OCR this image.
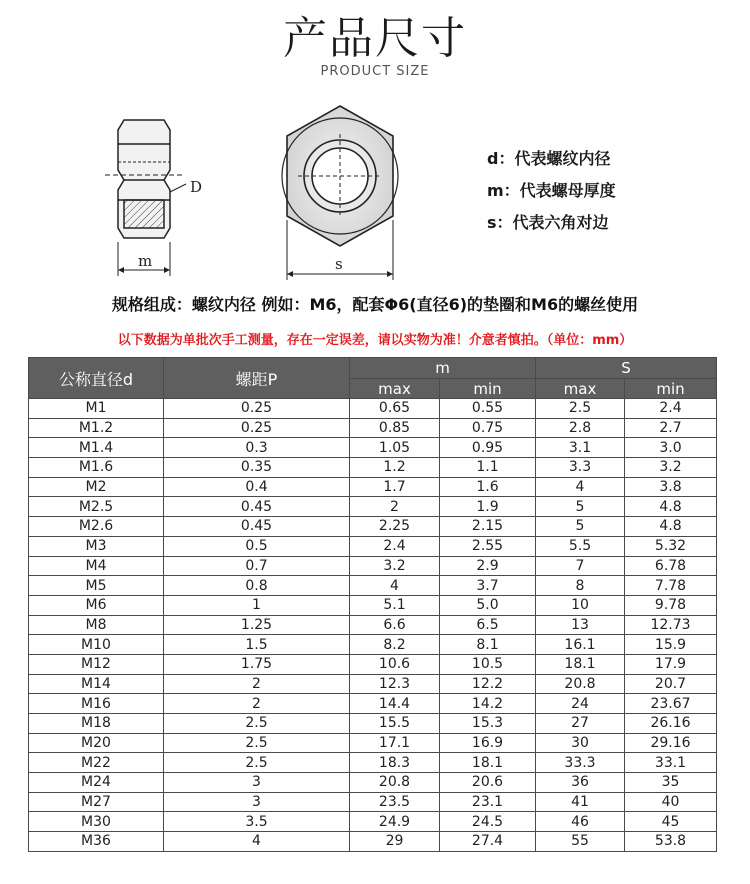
产品尺寸
PRODUCT SIZE
D
m	s
d：代表螺纹内径
m：代表螺母厚度
s：代表六角对边
规格组成：螺纹内径 例如：M6，配套Φ6(直径6)的垫圈和M6的螺丝使用
以下数据为单批次手工测量，存在一定误差，请以实物为准！介意者慎拍。（单位：mm）
公称直径d	螺距P	m		S	
		max	min	max	min
M1	0.25	0.65	0.55	2.5	2.4
M1.2	0.25	0.85	0.75	2.8	2.7
M1.4	0.3	1.05	0.95	3.1	3.0
M1.6	0.35	1.2	1.1	3.3	3.2
M2	0.4	1.7	1.6	4	3.8
M2.5	0.45	2	1.9	5	4.8
M2.6	0.45	2.25	2.15	5	4.8
M3	0.5	2.4	2.55	5.5	5.32
M4	0.7	3.2	2.9	7	6.78
M5	0.8	4	3.7	8	7.78
M6	1	5.1	5.0	10	9.78
M8	1.25	6.6	6.5	13	12.73
M10	1.5	8.2	8.1	16.1	15.9
M12	1.75	10.6	10.5	18.1	17.9
M14	2	12.3	12.2	20.8	20.7
M16	2	14.4	14.2	24	23.67
M18	2.5	15.5	15.3	27	26.16
M20	2.5	17.1	16.9	30	29.16
M22	2.5	18.3	18.1	33.3	33.1
M24	3	20.8	20.6	36	35
M27	3	23.5	23.1	41	40
M30	3.5	24.9	24.5	46	45
M36	4	29	27.4	55	53.8
